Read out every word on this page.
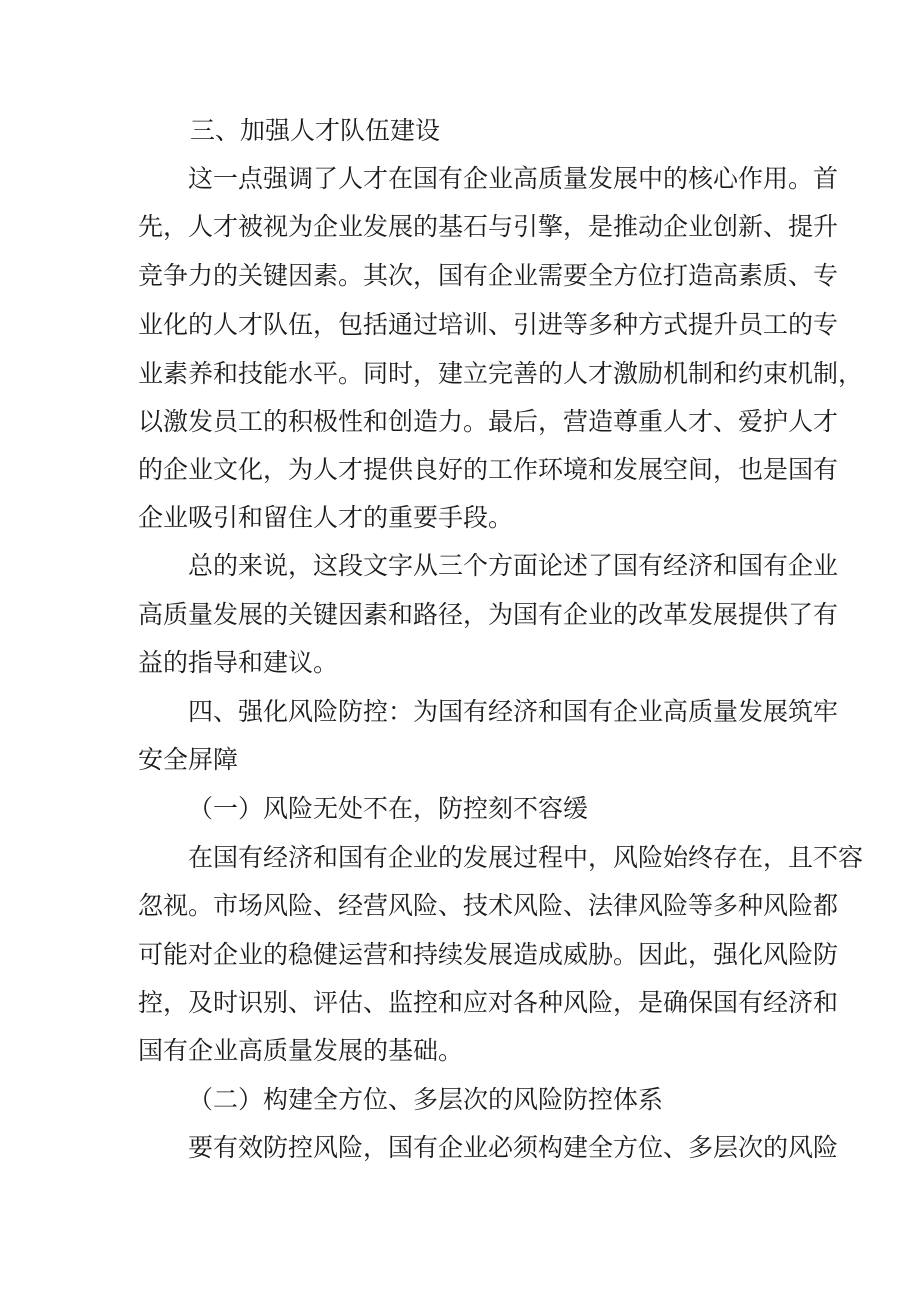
三、加强人才队伍建设
这一点强调了人才在国有企业高质量发展中的核心作用。首
先，人才被视为企业发展的基石与引擎，是推动企业创新、提升
竞争力的关键因素。其次，国有企业需要全方位打造高素质、专
业化的人才队伍，包括通过培训、引进等多种方式提升员工的专
业素养和技能水平。同时，建立完善的人才激励机制和约束机制，
以激发员工的积极性和创造力。最后，营造尊重人才、爱护人才
的企业文化，为人才提供良好的工作环境和发展空间，也是国有
企业吸引和留住人才的重要手段。
总的来说，这段文字从三个方面论述了国有经济和国有企业
高质量发展的关键因素和路径，为国有企业的改革发展提供了有
益的指导和建议。
四、强化风险防控：为国有经济和国有企业高质量发展筑牢
安全屏障
（一）风险无处不在，防控刻不容缓
在国有经济和国有企业的发展过程中，风险始终存在，且不容
忽视。市场风险、经营风险、技术风险、法律风险等多种风险都
可能对企业的稳健运营和持续发展造成威胁。因此，强化风险防
控，及时识别、评估、监控和应对各种风险，是确保国有经济和
国有企业高质量发展的基础。
（二）构建全方位、多层次的风险防控体系
要有效防控风险，国有企业必须构建全方位、多层次的风险
